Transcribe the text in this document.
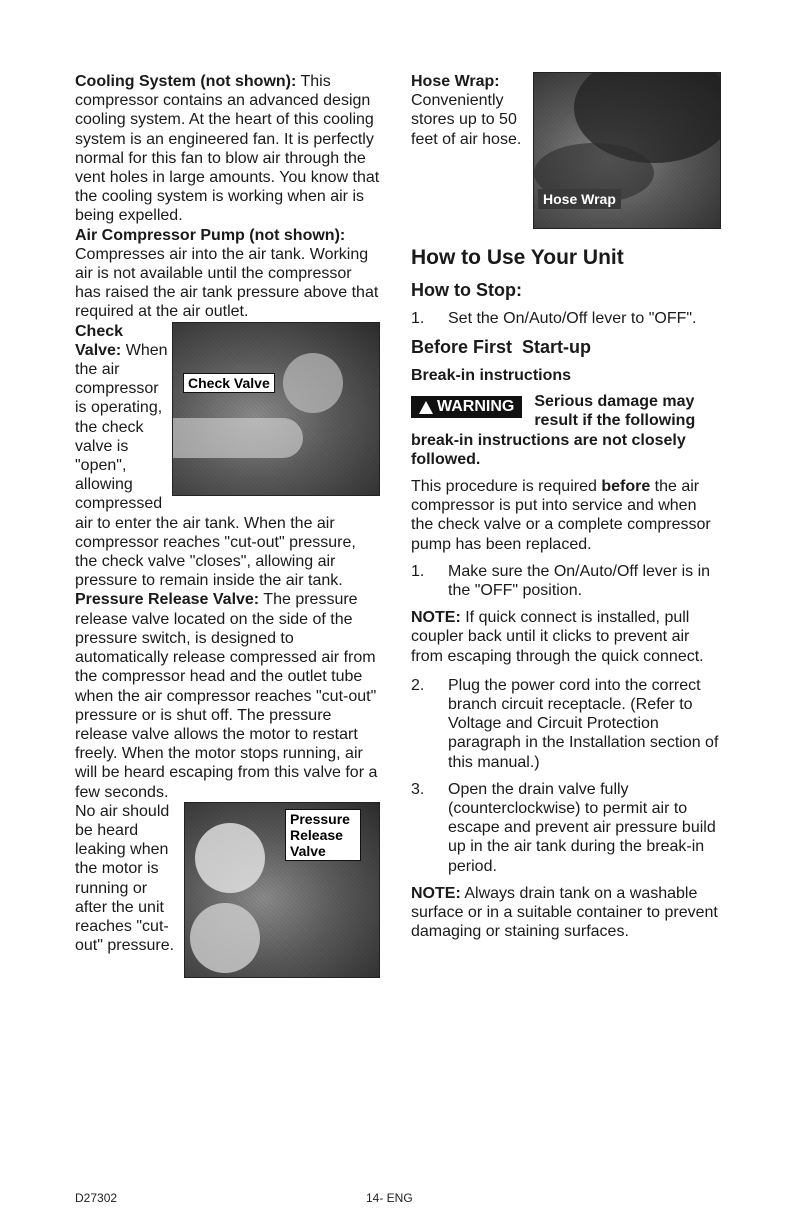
Cooling System (not shown): This compressor contains an advanced design cooling system. At the heart of this cooling system is an engineered fan. It is perfectly normal for this fan to blow air through the vent holes in large amounts. You know that the cooling system is working when air is being expelled.

Air Compressor Pump (not shown): Compresses air into the air tank. Working air is not available until the compressor has raised the air tank pressure above that required at the air outlet.

Check Valve

Check Valve: When the air compressor is operating, the check valve is "open", allowing compressed air to enter the air tank. When the air compressor reaches "cut-out" pressure, the check valve "closes", allowing air pressure to remain inside the air tank.

Pressure Release Valve: The pressure release valve located on the side of the pressure switch, is designed to automatically release compressed air from the compressor head and the outlet tube when the air compressor reaches "cut-out" pressure or is shut off. The pressure release valve allows the motor to restart freely. When the motor stops running, air will be heard escaping from this valve for a few seconds.

Pressure Release Valve

No air should be heard leaking when the motor is running or after the unit reaches "cut-out" pressure.

Hose Wrap

Hose Wrap: Conveniently stores up to 50 feet of air hose.

How to Use Your Unit
How to Stop:
1.	Set the On/Auto/Off lever to "OFF".
Before First  Start-up
Break-in instructions
WARNING	Serious damage may result if the following break-in instructions are not closely followed.

This procedure is required before the air compressor is put into service and when the check valve or a complete compressor pump has been replaced.

1.	Make sure the On/Auto/Off lever is in the "OFF" position.

NOTE: If quick connect is installed, pull coupler back until it clicks to prevent air from escaping through the quick connect.

2.	Plug the power cord into the correct branch circuit receptacle. (Refer to Voltage and Circuit Protection paragraph in the Installation section of this manual.)
3.	Open the drain valve fully (counterclockwise) to permit air to escape and prevent air pressure build up in the air tank during the break-in period.

NOTE: Always drain tank on a washable surface or in a suitable container to prevent damaging or staining surfaces.

D27302	14- ENG
